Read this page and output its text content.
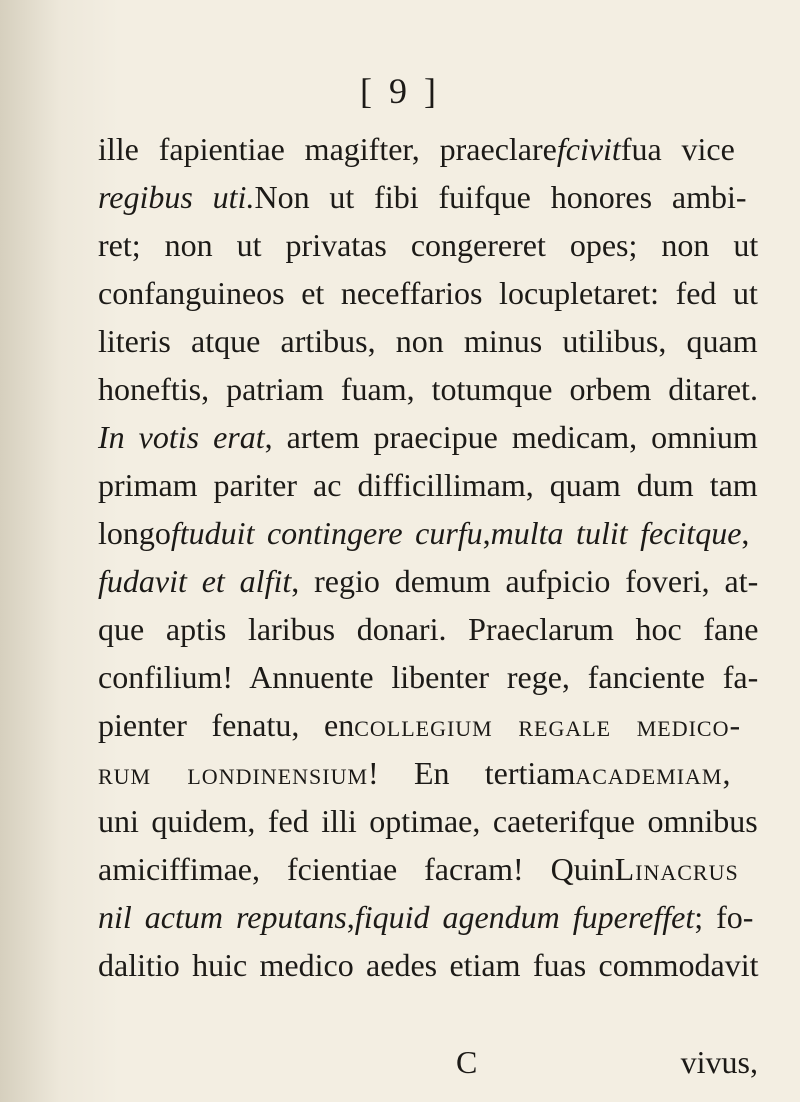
[ 9 ]
ille fapientiae magifter, praeclarefcivitfua vice
regibus uti.Non ut fibi fuifque honores ambi-
ret; non ut privatas congereret opes; non ut
confanguineos et neceffarios locupletaret: fed ut
literis atque artibus, non minus utilibus, quam
honeftis, patriam fuam, totumque orbem ditaret.
In votis erat, artem praecipue medicam, omnium
primam pariter ac difficillimam, quam dum tam
longoftuduit contingere curfu,multa tulit fecitque,
fudavit et alfit, regio demum aufpicio foveri, at-
que aptis laribus donari. Praeclarum hoc fane
confilium! Annuente libenter rege, fanciente fa-
pienter fenatu, encollegium regale medico-
rum londinensium! En tertiamacademiam,
uni quidem, fed illi optimae, caeterifque omnibus
amiciffimae, fcientiae facram! QuinLinacrus
nil actum reputans,fiquid agendum fupereffet; fo-
dalitio huic medico aedes etiam fuas commodavit
C	vivus,
